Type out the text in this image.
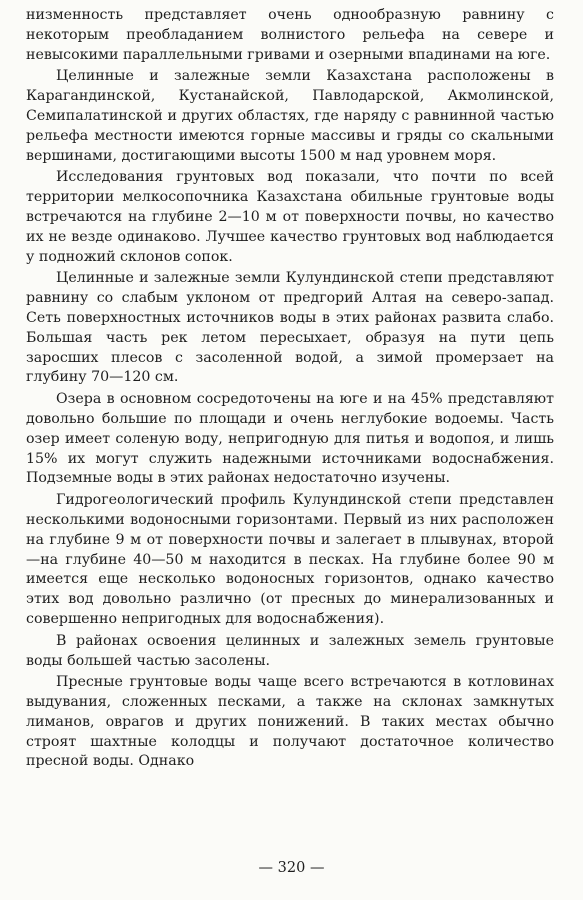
низменность представляет очень однообразную равнину с некоторым преобладанием волнистого рельефа на севере и невысокими параллельными гривами и озерными впадинами на юге.

Целинные и залежные земли Казахстана расположены в Карагандинской, Кустанайской, Павлодарской, Акмолинской, Семипалатинской и других областях, где наряду с равнинной частью рельефа местности имеются горные массивы и гряды со скальными вершинами, достигающими высоты 1500 м над уровнем моря.

Исследования грунтовых вод показали, что почти по всей территории мелкосопочника Казахстана обильные грунтовые воды встречаются на глубине 2—10 м от поверхности почвы, но качество их не везде одинаково. Лучшее качество грунтовых вод наблюдается у подножий склонов сопок.

Целинные и залежные земли Кулундинской степи представляют равнину со слабым уклоном от предгорий Алтая на северо-запад. Сеть поверхностных источников воды в этих районах развита слабо. Большая часть рек летом пересыхает, образуя на пути цепь заросших плесов с засоленной водой, а зимой промерзает на глубину 70—120 см.

Озера в основном сосредоточены на юге и на 45% представляют довольно большие по площади и очень неглубокие водоемы. Часть озер имеет соленую воду, непригодную для питья и водопоя, и лишь 15% их могут служить надежными источниками водоснабжения. Подземные воды в этих районах недостаточно изучены.

Гидрогеологический профиль Кулундинской степи представлен несколькими водоносными горизонтами. Первый из них расположен на глубине 9 м от поверхности почвы и залегает в плывунах, второй—на глубине 40—50 м находится в песках. На глубине более 90 м имеется еще несколько водоносных горизонтов, однако качество этих вод довольно различно (от пресных до минерализованных и совершенно непригодных для водоснабжения).

В районах освоения целинных и залежных земель грунтовые воды большей частью засолены.

Пресные грунтовые воды чаще всего встречаются в котловинах выдувания, сложенных песками, а также на склонах замкнутых лиманов, оврагов и других понижений. В таких местах обычно строят шахтные колодцы и получают достаточное количество пресной воды. Однако

— 320 —
